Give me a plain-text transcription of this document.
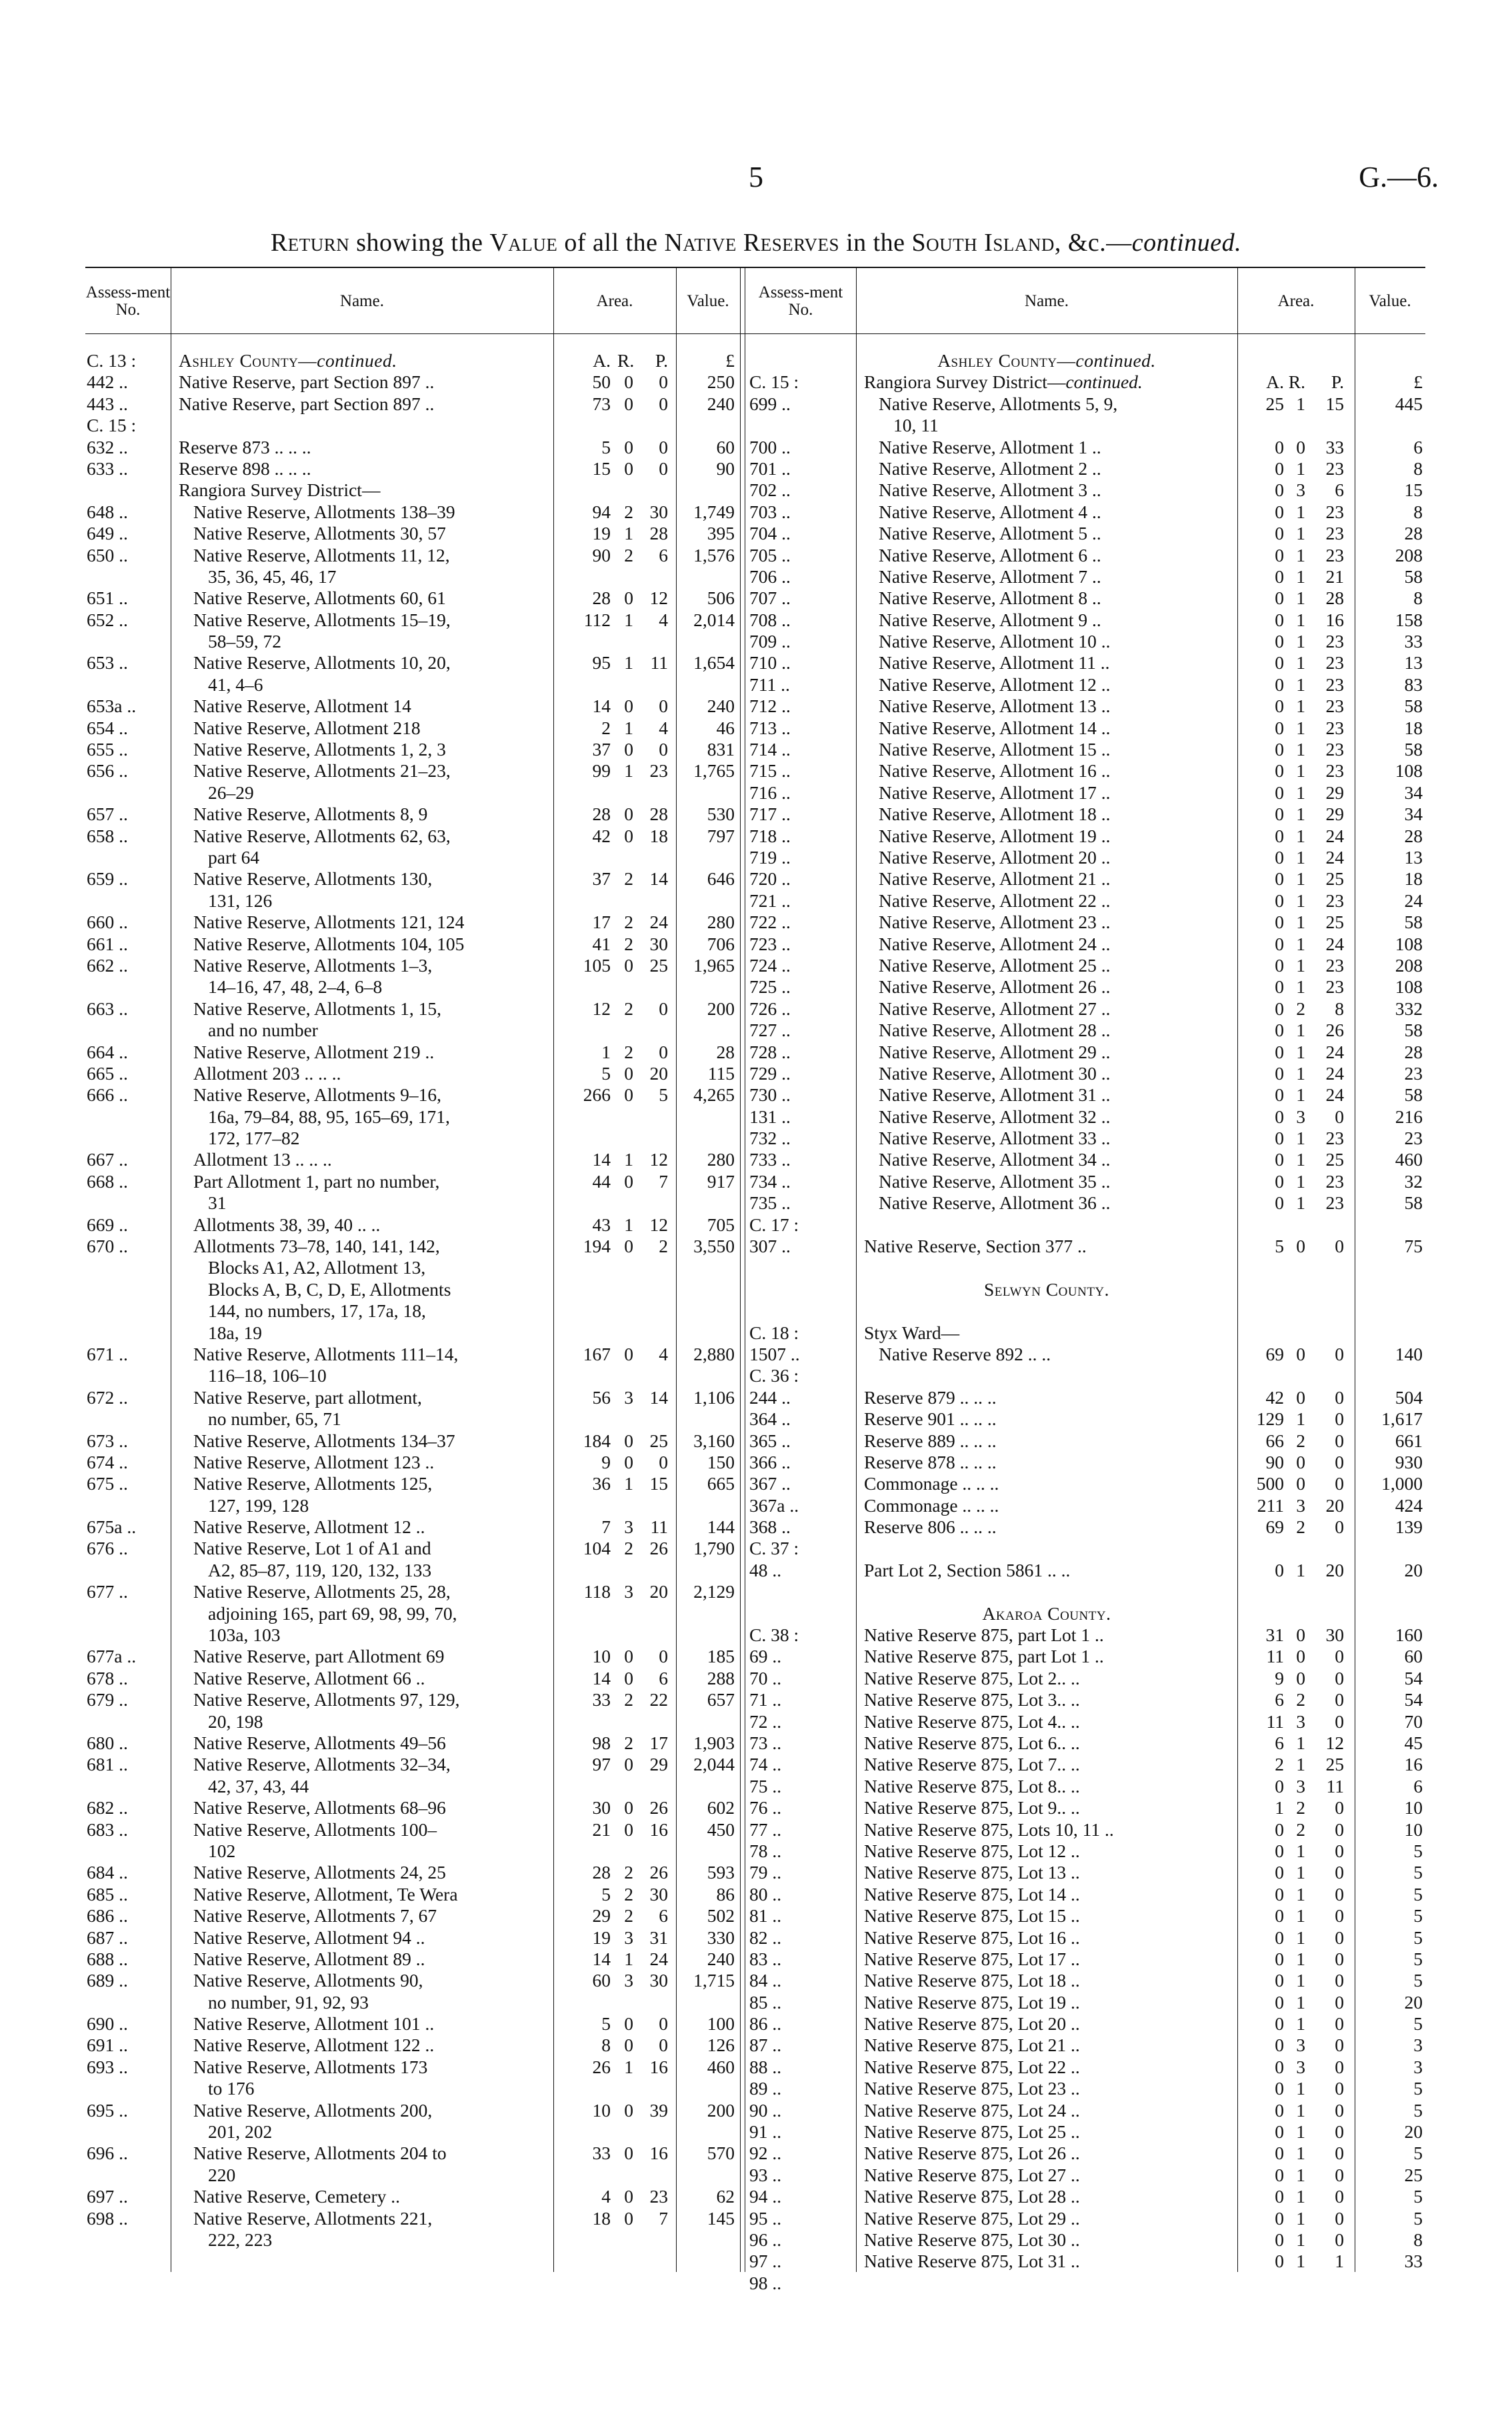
5	G.—6.
Return showing the Value of all the Native Reserves in the South Island, &c.—continued.
Assess-ment No.	Name.	Area.	Value.	Assess-ment No.	Name.	Area.	Value.
C. 13 : Ashley County—continued.	A. R.	P.	£
442 ..	Native Reserve, part Section 897 ..	50 0	0	250
443 ..	Native Reserve, part Section 897 ..	73 0	0	240
C. 15 :
632 ..	Reserve 873 .. .. ..	5 0	0	60
633 ..	Reserve 898 .. .. ..	15 0	0	90
Rangiora Survey District—
648 ..	Native Reserve, Allotments 138–39	94 2 30	1,749
649 ..	Native Reserve, Allotments 30, 57	19 1 28	395
650 ..	Native Reserve, Allotments 11, 12,	90 2	6	1,576
35, 36, 45, 46, 17
651 ..	Native Reserve, Allotments 60, 61	28 0 12	506
652 ..	Native Reserve, Allotments 15–19,	112 1	4	2,014
58–59, 72
653 ..	Native Reserve, Allotments 10, 20,	95 1 11	1,654
41, 4–6
653a ..	Native Reserve, Allotment 14	14 0	0	240
654 ..	Native Reserve, Allotment 218	2 1	4	46
655 ..	Native Reserve, Allotments 1, 2, 3	37 0	0	831
656 ..	Native Reserve, Allotments 21–23,	99 1 23	1,765
26–29
657 ..	Native Reserve, Allotments 8, 9	28 0 28	530
658 ..	Native Reserve, Allotments 62, 63,	42 0 18	797
part 64
659 ..	Native Reserve, Allotments 130,	37 2 14	646
131, 126
660 ..	Native Reserve, Allotments 121, 124	17 2 24	280
661 ..	Native Reserve, Allotments 104, 105	41 2 30	706
662 ..	Native Reserve, Allotments 1–3,	105 0 25	1,965
14–16, 47, 48, 2–4, 6–8
663 ..	Native Reserve, Allotments 1, 15,	12 2	0	200
and no number
664 ..	Native Reserve, Allotment 219 ..	1 2	0	28
665 ..	Allotment 203 .. .. ..	5 0 20	115
666 ..	Native Reserve, Allotments 9–16,	266 0	5	4,265
16a, 79–84, 88, 95, 165–69, 171,
172, 177–82
667 ..	Allotment 13 .. .. ..	14 1 12	280
668 ..	Part Allotment 1, part no number,	44 0	7	917
31
669 ..	Allotments 38, 39, 40 .. ..	43 1 12	705
670 ..	Allotments 73–78, 140, 141, 142,	194 0	2	3,550
Blocks A1, A2, Allotment 13,
Blocks A, B, C, D, E, Allotments
144, no numbers, 17, 17a, 18,
18a, 19
671 ..	Native Reserve, Allotments 111–14,	167 0	4	2,880
116–18, 106–10
672 ..	Native Reserve, part allotment,	56 3 14	1,106
no number, 65, 71
673 ..	Native Reserve, Allotments 134–37	184 0 25	3,160
674 ..	Native Reserve, Allotment 123 ..	9 0	0	150
675 ..	Native Reserve, Allotments 125,	36 1 15	665
127, 199, 128
675a ..	Native Reserve, Allotment 12 ..	7 3 11	144
676 ..	Native Reserve, Lot 1 of A1 and	104 2 26	1,790
A2, 85–87, 119, 120, 132, 133
677 ..	Native Reserve, Allotments 25, 28,	118 3 20	2,129
adjoining 165, part 69, 98, 99, 70,
103a, 103
677a ..	Native Reserve, part Allotment 69	10 0	0	185
678 ..	Native Reserve, Allotment 66 ..	14 0	6	288
679 ..	Native Reserve, Allotments 97, 129,	33 2 22	657
20, 198
680 ..	Native Reserve, Allotments 49–56	98 2 17	1,903
681 ..	Native Reserve, Allotments 32–34,	97 0 29	2,044
42, 37, 43, 44
682 ..	Native Reserve, Allotments 68–96	30 0 26	602
683 ..	Native Reserve, Allotments 100–	21 0 16	450
102
684 ..	Native Reserve, Allotments 24, 25	28 2 26	593
685 ..	Native Reserve, Allotment, Te Wera	5 2 30	86
686 ..	Native Reserve, Allotments 7, 67	29 2	6	502
687 ..	Native Reserve, Allotment 94 ..	19 3 31	330
688 ..	Native Reserve, Allotment 89 ..	14 1 24	240
689 ..	Native Reserve, Allotments 90,	60 3 30	1,715
no number, 91, 92, 93
690 ..	Native Reserve, Allotment 101 ..	5 0	0	100
691 ..	Native Reserve, Allotment 122 ..	8 0	0	126
693 ..	Native Reserve, Allotments 173	26 1 16	460
to 176
695 ..	Native Reserve, Allotments 200,	10 0 39	200
201, 202
696 ..	Native Reserve, Allotments 204 to	33 0 16	570
220
697 ..	Native Reserve, Cemetery ..	4 0 23	62
698 ..	Native Reserve, Allotments 221,	18 0	7	145
222, 223
Ashley County—continued.
C. 15 :	Rangiora Survey District—continued.	A. R.	P.	£
699 ..	Native Reserve, Allotments 5, 9,	25 1	15	445
10, 11
700 ..	Native Reserve, Allotment 1 ..	0 0	33	6
701 ..	Native Reserve, Allotment 2 ..	0 1	23	8
702 ..	Native Reserve, Allotment 3 ..	0 3	6	15
703 ..	Native Reserve, Allotment 4 ..	0 1	23	8
704 ..	Native Reserve, Allotment 5 ..	0 1	23	28
705 ..	Native Reserve, Allotment 6 ..	0 1	23	208
706 ..	Native Reserve, Allotment 7 ..	0 1	21	58
707 ..	Native Reserve, Allotment 8 ..	0 1	28	8
708 ..	Native Reserve, Allotment 9 ..	0 1	16	158
709 ..	Native Reserve, Allotment 10 ..	0 1	23	33
710 ..	Native Reserve, Allotment 11 ..	0 1	23	13
711 ..	Native Reserve, Allotment 12 ..	0 1	23	83
712 ..	Native Reserve, Allotment 13 ..	0 1	23	58
713 ..	Native Reserve, Allotment 14 ..	0 1	23	18
714 ..	Native Reserve, Allotment 15 ..	0 1	23	58
715 ..	Native Reserve, Allotment 16 ..	0 1	23	108
716 ..	Native Reserve, Allotment 17 ..	0 1	29	34
717 ..	Native Reserve, Allotment 18 ..	0 1	29	34
718 ..	Native Reserve, Allotment 19 ..	0 1	24	28
719 ..	Native Reserve, Allotment 20 ..	0 1	24	13
720 ..	Native Reserve, Allotment 21 ..	0 1	25	18
721 ..	Native Reserve, Allotment 22 ..	0 1	23	24
722 ..	Native Reserve, Allotment 23 ..	0 1	25	58
723 ..	Native Reserve, Allotment 24 ..	0 1	24	108
724 ..	Native Reserve, Allotment 25 ..	0 1	23	208
725 ..	Native Reserve, Allotment 26 ..	0 1	23	108
726 ..	Native Reserve, Allotment 27 ..	0 2	8	332
727 ..	Native Reserve, Allotment 28 ..	0 1	26	58
728 ..	Native Reserve, Allotment 29 ..	0 1	24	28
729 ..	Native Reserve, Allotment 30 ..	0 1	24	23
730 ..	Native Reserve, Allotment 31 ..	0 1	24	58
131 ..	Native Reserve, Allotment 32 ..	0 3	0	216
732 ..	Native Reserve, Allotment 33 ..	0 1	23	23
733 ..	Native Reserve, Allotment 34 ..	0 1	25	460
734 ..	Native Reserve, Allotment 35 ..	0 1	23	32
735 ..	Native Reserve, Allotment 36 ..	0 1	23	58
C. 17 :
307 ..	Native Reserve, Section 377 ..	5 0	0	75
Selwyn County.
C. 18 :	Styx Ward—
1507 ..	Native Reserve 892 .. ..	69 0	0	140
C. 36 :
244 ..	Reserve 879 .. .. ..	42 0	0	504
364 ..	Reserve 901 .. .. ..	129 1	0	1,617
365 ..	Reserve 889 .. .. ..	66 2	0	661
366 ..	Reserve 878 .. .. ..	90 0	0	930
367 ..	Commonage .. .. ..	500 0	0	1,000
367a ..	Commonage .. .. ..	211 3	20	424
368 ..	Reserve 806 .. .. ..	69 2	0	139
C. 37 :
48 ..	Part Lot 2, Section 5861 .. ..	0 1	20	20
Akaroa County.
C. 38 :	Native Reserve 875, part Lot 1 ..	31 0	30	160
69 ..	Native Reserve 875, part Lot 1 ..	11 0	0	60
70 ..	Native Reserve 875, Lot 2.. ..	9 0	0	54
71 ..	Native Reserve 875, Lot 3.. ..	6 2	0	54
72 ..	Native Reserve 875, Lot 4.. ..	11 3	0	70
73 ..	Native Reserve 875, Lot 6.. ..	6 1	12	45
74 ..	Native Reserve 875, Lot 7.. ..	2 1	25	16
75 ..	Native Reserve 875, Lot 8.. ..	0 3	11	6
76 ..	Native Reserve 875, Lot 9.. ..	1 2	0	10
77 ..	Native Reserve 875, Lots 10, 11 ..	0 2	0	10
78 ..	Native Reserve 875, Lot 12 ..	0 1	0	5
79 ..	Native Reserve 875, Lot 13 ..	0 1	0	5
80 ..	Native Reserve 875, Lot 14 ..	0 1	0	5
81 ..	Native Reserve 875, Lot 15 ..	0 1	0	5
82 ..	Native Reserve 875, Lot 16 ..	0 1	0	5
83 ..	Native Reserve 875, Lot 17 ..	0 1	0	5
84 ..	Native Reserve 875, Lot 18 ..	0 1	0	5
85 ..	Native Reserve 875, Lot 19 ..	0 1	0	20
86 ..	Native Reserve 875, Lot 20 ..	0 1	0	5
87 ..	Native Reserve 875, Lot 21 ..	0 3	0	3
88 ..	Native Reserve 875, Lot 22 ..	0 3	0	3
89 ..	Native Reserve 875, Lot 23 ..	0 1	0	5
90 ..	Native Reserve 875, Lot 24 ..	0 1	0	5
91 ..	Native Reserve 875, Lot 25 ..	0 1	0	20
92 ..	Native Reserve 875, Lot 26 ..	0 1	0	5
93 ..	Native Reserve 875, Lot 27 ..	0 1	0	25
94 ..	Native Reserve 875, Lot 28 ..	0 1	0	5
95 ..	Native Reserve 875, Lot 29 ..	0 1	0	5
96 ..	Native Reserve 875, Lot 30 ..	0 1	0	8
97 ..	Native Reserve 875, Lot 31 ..	0 1	1	33
98 ..
